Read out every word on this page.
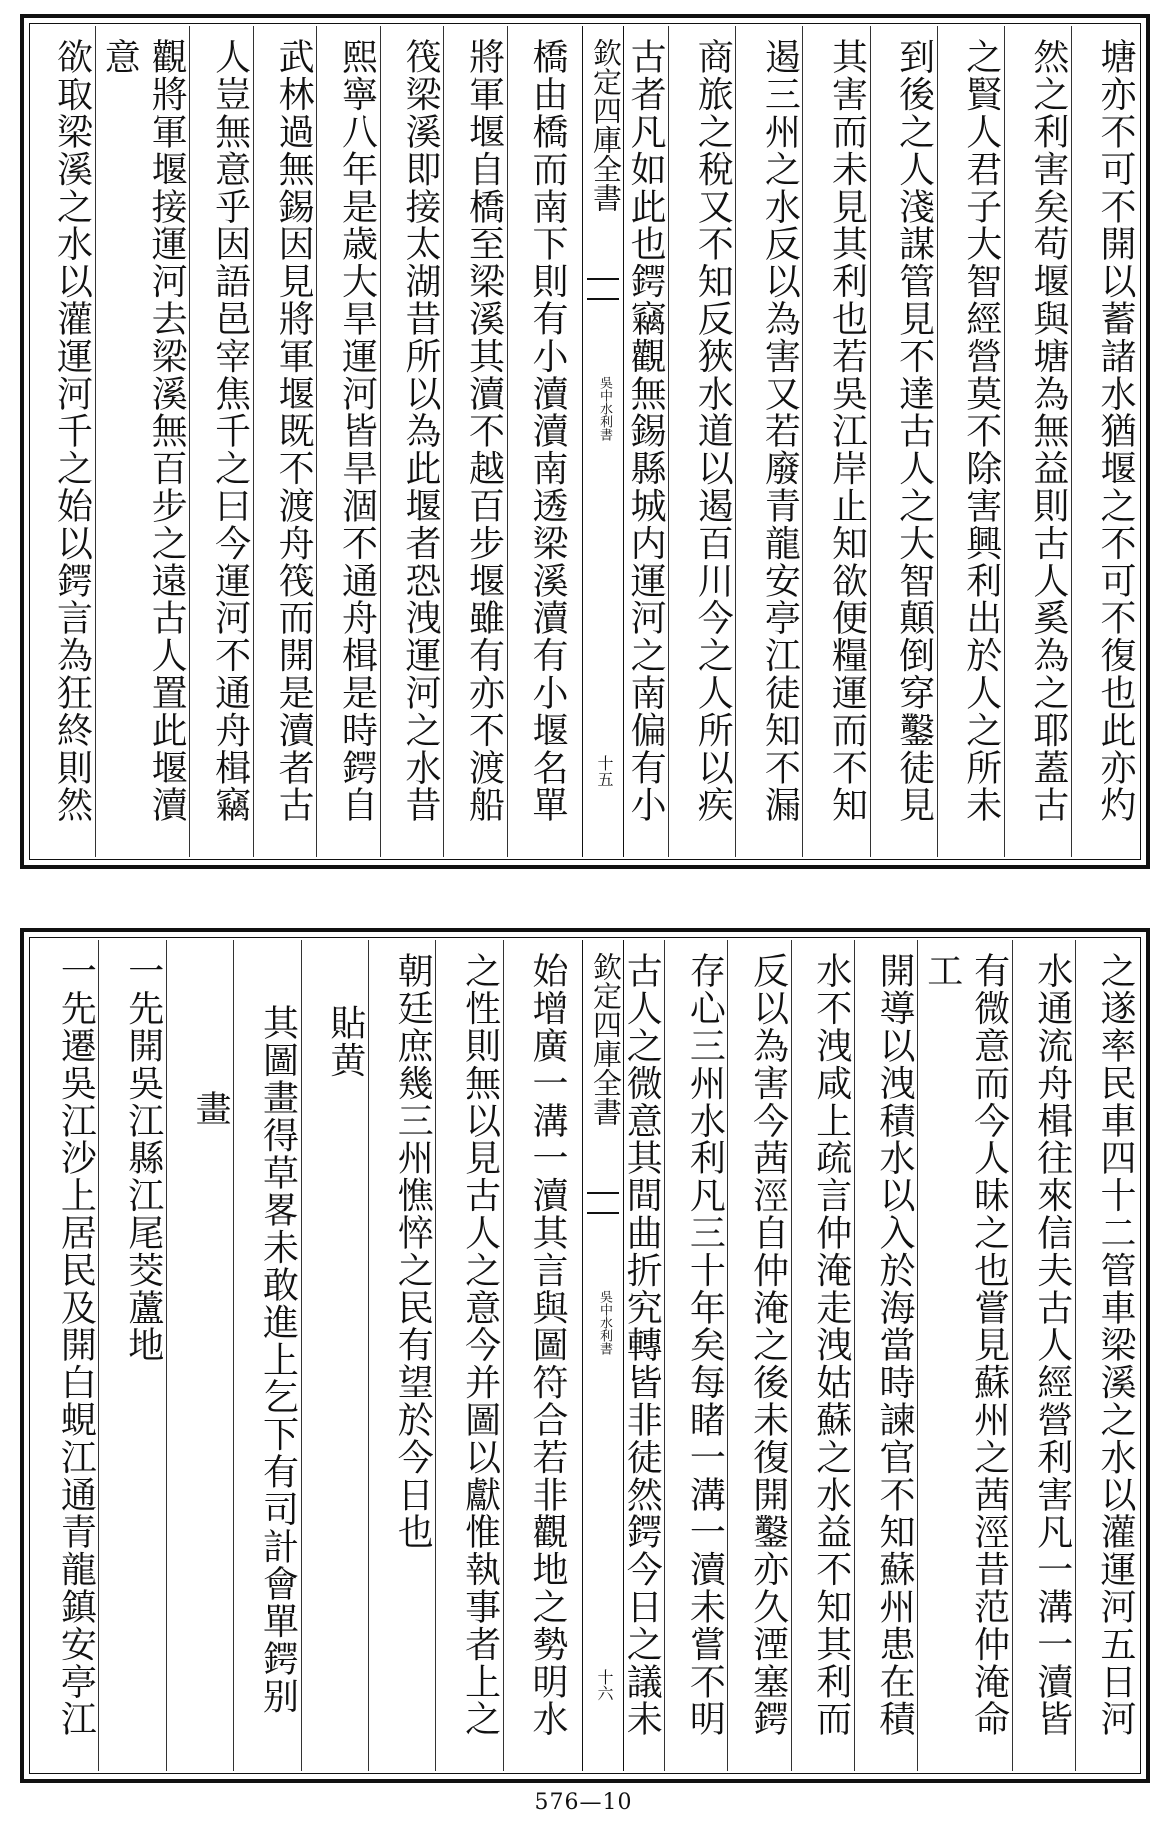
塘亦不可不開以蓄諸水猶堰之不可不復也此亦灼
然之利害矣苟堰與塘為無益則古人奚為之耶蓋古
之賢人君子大智經營莫不除害興利出於人之所未
到後之人淺謀管見不達古人之大智顛倒穿鑿徒見
其害而未見其利也若吳江岸止知欲便糧運而不知
遏三州之水反以為害又若廢青龍安亭江徒知不漏
商旅之稅又不知反狹水道以遏百川今之人所以疾
古者凡如此也鍔竊觀無錫縣城内運河之南偏有小
欽定四庫全書
吳中水利書
十五
橋由橋而南下則有小瀆瀆南透梁溪瀆有小堰名單
將軍堰自橋至梁溪其瀆不越百步堰雖有亦不渡船
筏梁溪即接太湖昔所以為此堰者恐洩運河之水昔
熙寧八年是歳大旱運河皆旱涸不通舟楫是時鍔自
武林過無錫因見將軍堰既不渡舟筏而開是瀆者古
人豈無意乎因語邑宰焦千之曰今運河不通舟楫竊
觀將軍堰接運河去梁溪無百步之遠古人置此堰瀆意
欲取梁溪之水以灌運河千之始以鍔言為狂終則然
之遂率民車四十二管車梁溪之水以灌運河五日河
水通流舟楫往來信夫古人經營利害凡一溝一瀆皆
有微意而今人昧之也嘗見蘇州之茜涇昔范仲淹命工
開導以洩積水以入於海當時諫官不知蘇州患在積
水不洩咸上疏言仲淹走洩姑蘇之水益不知其利而
反以為害今茜涇自仲淹之後未復開鑿亦久湮塞鍔
存心三州水利凡三十年矣每睹一溝一瀆未嘗不明
古人之微意其間曲折究轉皆非徒然鍔今日之議未
欽定四庫全書
吳中水利書
十六
始增廣一溝一瀆其言與圖符合若非觀地之勢明水
之性則無以見古人之意今并圖以獻惟執事者上之
朝廷庶幾三州憔悴之民有望於今日也
貼黄
其圖畫得草畧未敢進上乞下有司計會單鍔别
畫
一先開吳江縣江尾茭蘆地
一先遷吳江沙上居民及開白蜆江通青龍鎮安亭江
576—10
